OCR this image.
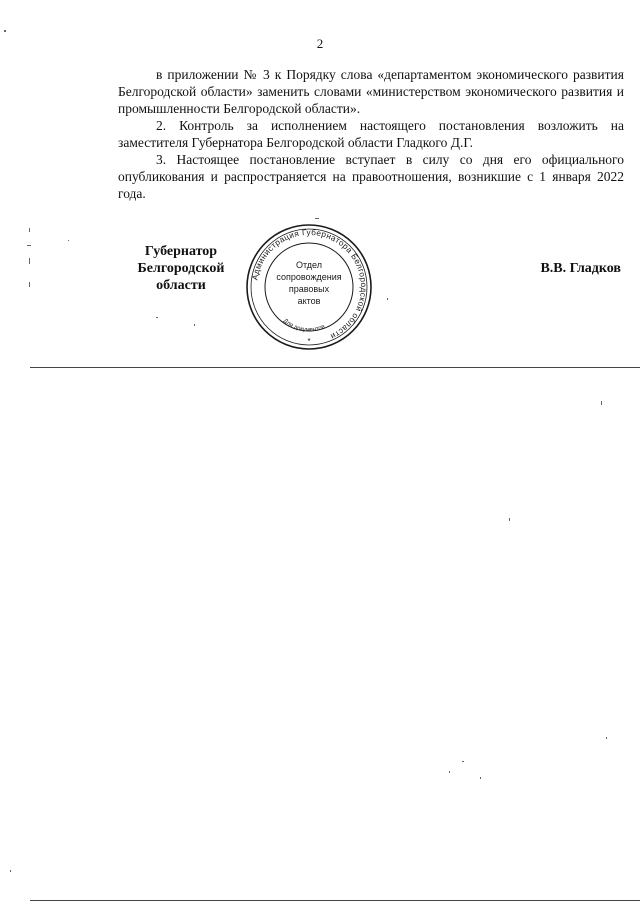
2

в приложении № 3 к Порядку слова «департаментом экономического развития Белгородской области» заменить словами «министерством экономического развития и промышленности Белгородской области».

2. Контроль за исполнением настоящего постановления возложить на заместителя Губернатора Белгородской области Гладкого Д.Г.

3. Настоящее постановление вступает в силу со дня его официального опубликования и распространяется на правоотношения, возникшие с 1 января 2022 года.

Губернатор
Белгородской области
Администрация Губернатора Белгородской области
Для документов
Отдел
сопровождения
правовых
актов
*
В.В. Гладков
